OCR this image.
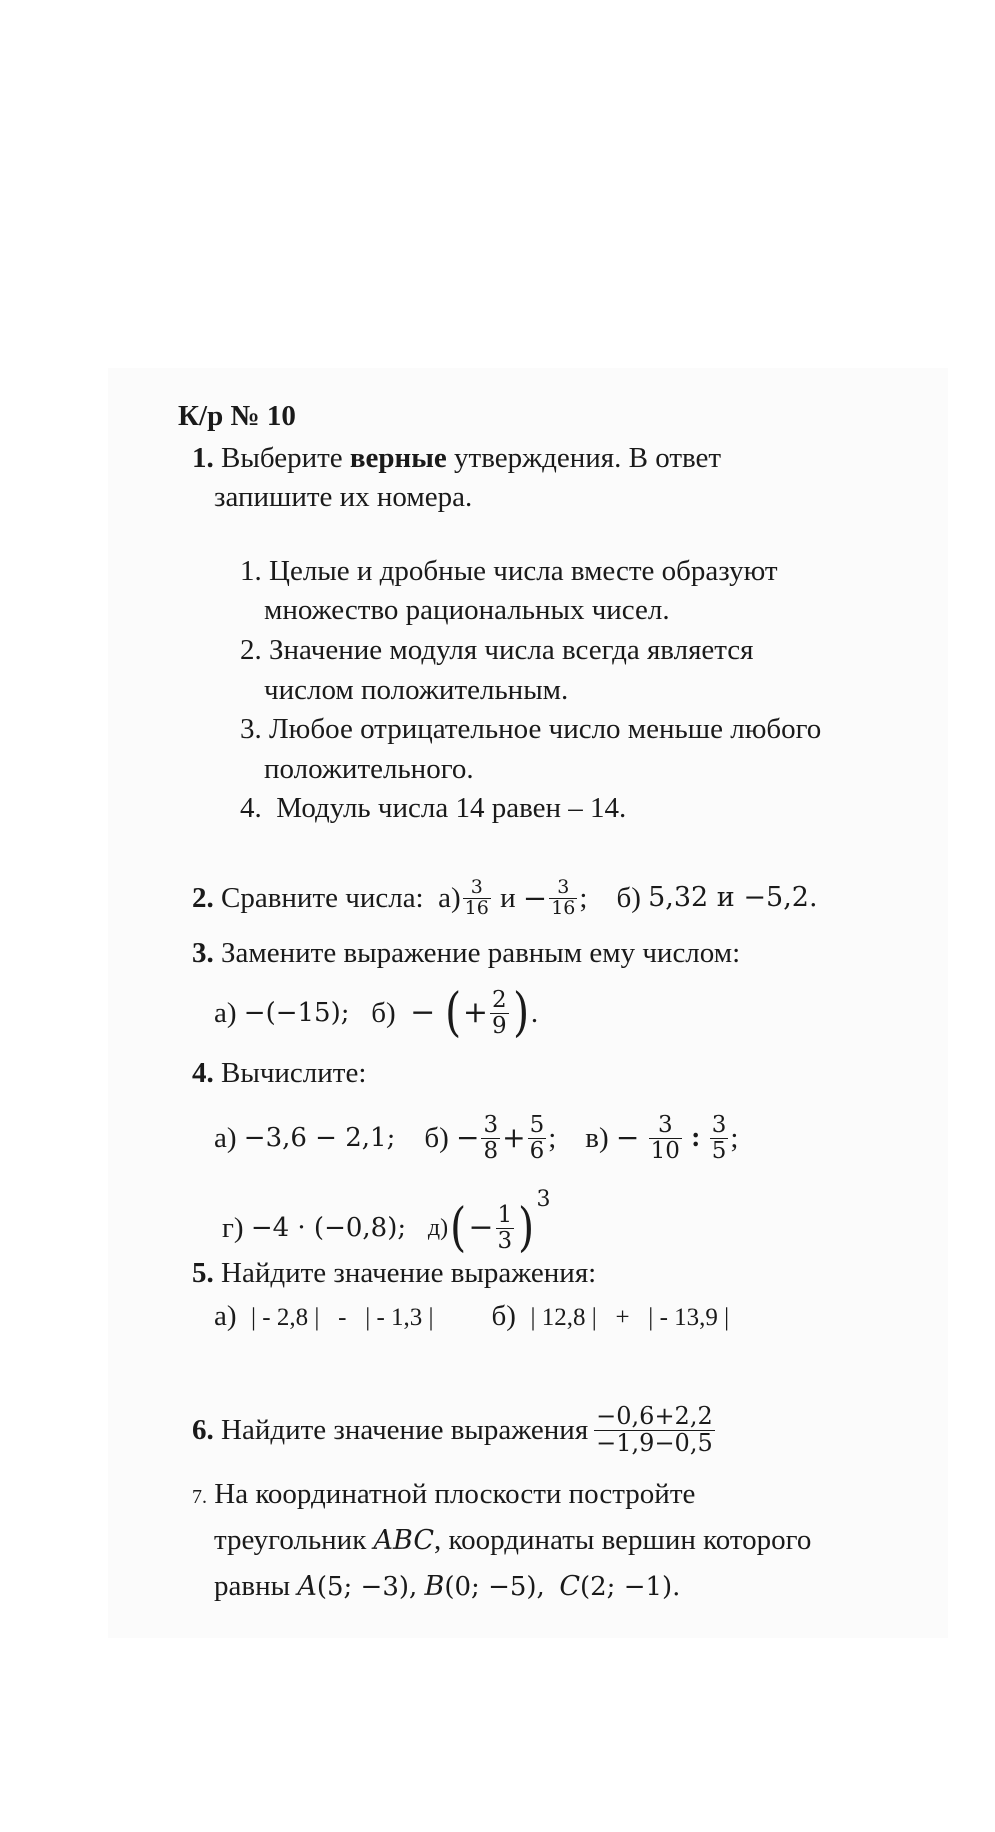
К/р № 10
1. Выберите верные утверждения. В ответ
запишите их номера.
1. Целые и дробные числа вместе образуют
множество рациональных чисел.
2. Значение модуля числа всегда является
числом положительным.
3. Любое отрицательное число меньше любого
положительного.
4. Модуль числа 14 равен – 14.
2.
Сравните числа:
$а) \frac{3}{16}$
и
− $\frac{3}{16}$ ;
б)
5,32 и −5,2.
3. Замените выражение равным ему числом:
а)
−(−15);
б)
−
( + $\frac{2}{9}$ ) .
4. Вычислите:
а)
−3,6 − 2,1;
б)
− $\frac{3}{8} + \frac{5}{6}$ ;
в)
−
$\frac{3}{10}$
:
$\frac{3}{5}$ ;
г)
−4 · (−0,8);
д) ( − $\frac{1}{3}$ ) 3
5. Найдите значение выражения:
а) | - 2,8 |   -   | - 1,3 | б) | 12,8 |   +   | - 13,9 |
6.
Найдите значение выражения $\frac{-0,6+2,2}{-1,9-0,5}$
7. На координатной плоскости постройте
треугольник ABC, координаты вершин которого
равны A(5; −3), B(0; −5), C(2; −1).
